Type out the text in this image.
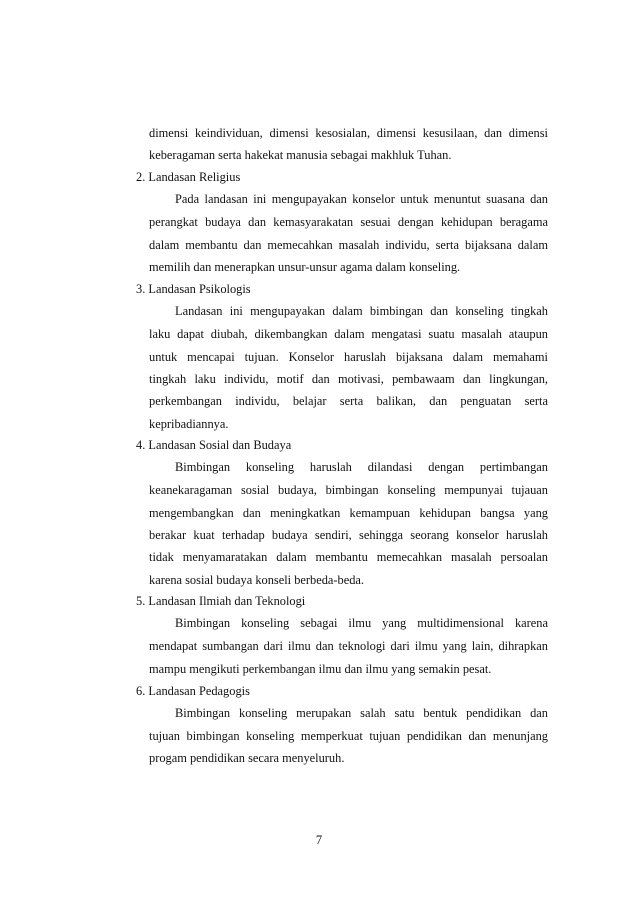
dimensi keindividuan, dimensi kesosialan, dimensi kesusilaan, dan dimensi
keberagaman serta hakekat manusia sebagai makhluk Tuhan.
2. Landasan Religius
Pada landasan ini mengupayakan konselor untuk menuntut suasana dan
perangkat budaya dan kemasyarakatan sesuai dengan kehidupan beragama
dalam membantu dan memecahkan masalah individu, serta bijaksana dalam
memilih dan menerapkan unsur-unsur agama dalam konseling.
3. Landasan Psikologis
Landasan ini mengupayakan dalam bimbingan dan konseling tingkah
laku dapat diubah, dikembangkan dalam mengatasi suatu masalah ataupun
untuk mencapai tujuan. Konselor haruslah bijaksana dalam memahami
tingkah laku individu, motif dan motivasi, pembawaam dan lingkungan,
perkembangan individu, belajar serta balikan, dan penguatan serta
kepribadiannya.
4. Landasan Sosial dan Budaya
Bimbingan konseling haruslah dilandasi dengan pertimbangan
keanekaragaman sosial budaya, bimbingan konseling mempunyai tujauan
mengembangkan dan meningkatkan kemampuan kehidupan bangsa yang
berakar kuat terhadap budaya sendiri, sehingga seorang konselor haruslah
tidak menyamaratakan dalam membantu memecahkan masalah persoalan
karena sosial budaya konseli berbeda-beda.
5. Landasan Ilmiah dan Teknologi
Bimbingan konseling sebagai ilmu yang multidimensional karena
mendapat sumbangan dari ilmu dan teknologi dari ilmu yang lain, dihrapkan
mampu mengikuti perkembangan ilmu dan ilmu yang semakin pesat.
6. Landasan Pedagogis
Bimbingan konseling merupakan salah satu bentuk pendidikan dan
tujuan bimbingan konseling memperkuat tujuan pendidikan dan menunjang
progam pendidikan secara menyeluruh.
7
